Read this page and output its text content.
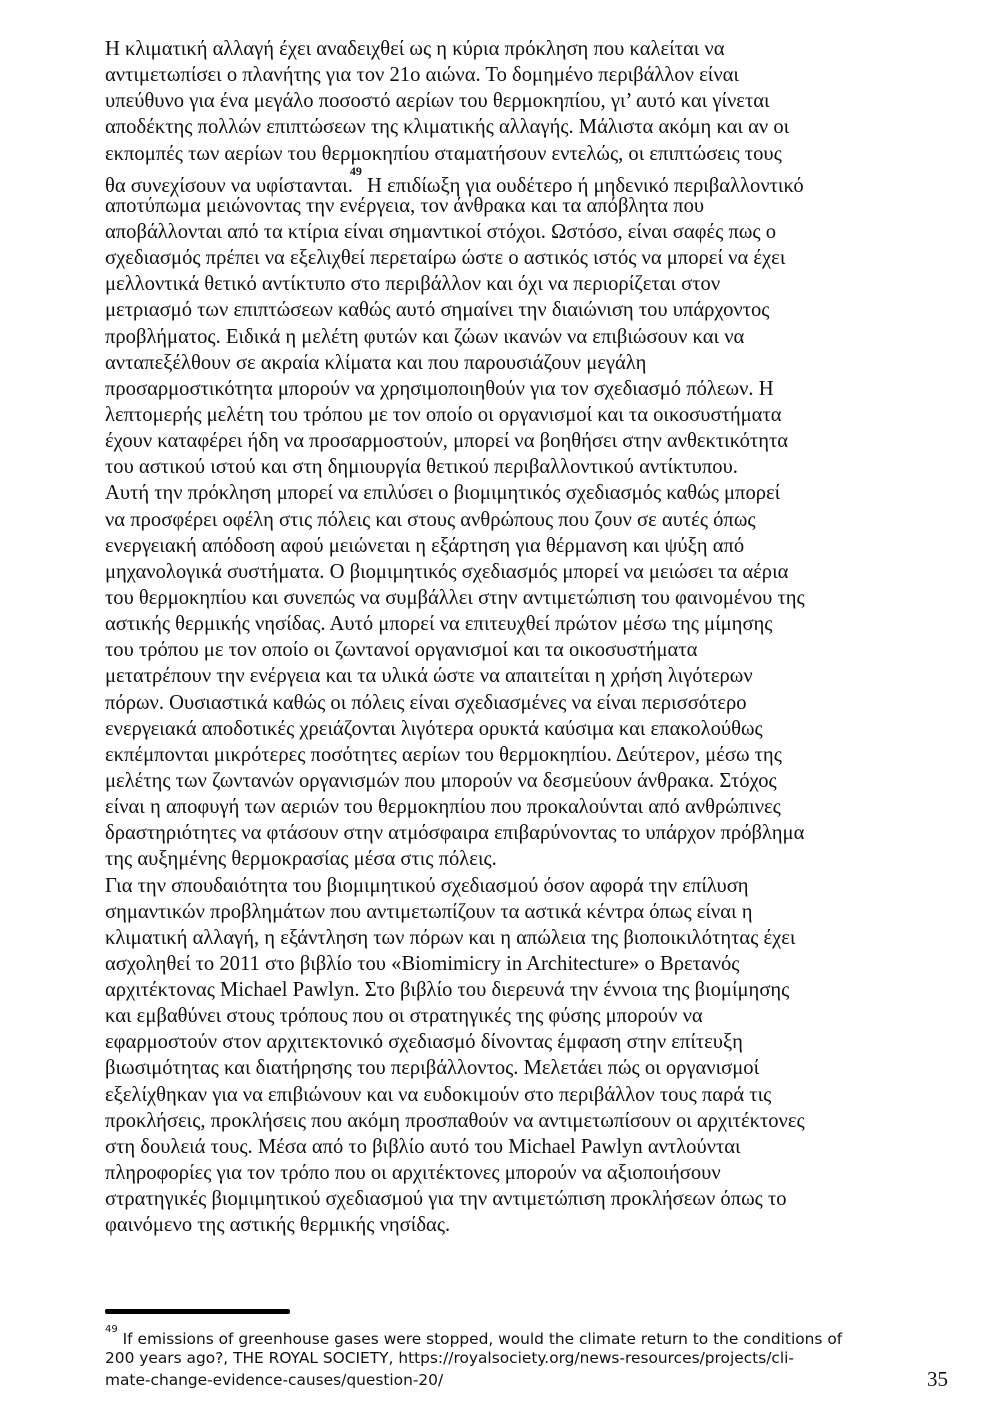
Η κλιματική αλλαγή έχει αναδειχθεί ως η κύρια πρόκληση που καλείται να
αντιμετωπίσει ο πλανήτης για τον 21ο αιώνα. Το δομημένο περιβάλλον είναι
υπεύθυνο για ένα μεγάλο ποσοστό αερίων του θερμοκηπίου, γι’ αυτό και γίνεται
αποδέκτης πολλών επιπτώσεων της κλιματικής αλλαγής. Μάλιστα ακόμη και αν οι
εκπομπές των αερίων του θερμοκηπίου σταματήσουν εντελώς, οι επιπτώσεις τους
θα συνεχίσουν να υφίστανται.$^{49}$ Η επιδίωξη για ουδέτερο ή μηδενικό περιβαλλοντικό
αποτύπωμα μειώνοντας την ενέργεια, τον άνθρακα και τα απόβλητα που
αποβάλλονται από τα κτίρια είναι σημαντικοί στόχοι. Ωστόσο, είναι σαφές πως ο
σχεδιασμός πρέπει να εξελιχθεί περεταίρω ώστε ο αστικός ιστός να μπορεί να έχει
μελλοντικά θετικό αντίκτυπο στο περιβάλλον και όχι να περιορίζεται στον
μετριασμό των επιπτώσεων καθώς αυτό σημαίνει την διαιώνιση του υπάρχοντος
προβλήματος. Ειδικά η μελέτη φυτών και ζώων ικανών να επιβιώσουν και να
ανταπεξέλθουν σε ακραία κλίματα και που παρουσιάζουν μεγάλη
προσαρμοστικότητα μπορούν να χρησιμοποιηθούν για τον σχεδιασμό πόλεων. Η
λεπτομερής μελέτη του τρόπου με τον οποίο οι οργανισμοί και τα οικοσυστήματα
έχουν καταφέρει ήδη να προσαρμοστούν, μπορεί να βοηθήσει στην ανθεκτικότητα
του αστικού ιστού και στη δημιουργία θετικού περιβαλλοντικού αντίκτυπου.
Αυτή την πρόκληση μπορεί να επιλύσει ο βιομιμητικός σχεδιασμός καθώς μπορεί
να προσφέρει οφέλη στις πόλεις και στους ανθρώπους που ζουν σε αυτές όπως
ενεργειακή απόδοση αφού μειώνεται η εξάρτηση για θέρμανση και ψύξη από
μηχανολογικά συστήματα. Ο βιομιμητικός σχεδιασμός μπορεί να μειώσει τα αέρια
του θερμοκηπίου και συνεπώς να συμβάλλει στην αντιμετώπιση του φαινομένου της
αστικής θερμικής νησίδας. Αυτό μπορεί να επιτευχθεί πρώτον μέσω της μίμησης
του τρόπου με τον οποίο οι ζωντανοί οργανισμοί και τα οικοσυστήματα
μετατρέπουν την ενέργεια και τα υλικά ώστε να απαιτείται η χρήση λιγότερων
πόρων. Ουσιαστικά καθώς οι πόλεις είναι σχεδιασμένες να είναι περισσότερο
ενεργειακά αποδοτικές χρειάζονται λιγότερα ορυκτά καύσιμα και επακολούθως
εκπέμπονται μικρότερες ποσότητες αερίων του θερμοκηπίου. Δεύτερον, μέσω της
μελέτης των ζωντανών οργανισμών που μπορούν να δεσμεύουν άνθρακα. Στόχος
είναι η αποφυγή των αεριών του θερμοκηπίου που προκαλούνται από ανθρώπινες
δραστηριότητες να φτάσουν στην ατμόσφαιρα επιβαρύνοντας το υπάρχον πρόβλημα
της αυξημένης θερμοκρασίας μέσα στις πόλεις.
Για την σπουδαιότητα του βιομιμητικού σχεδιασμού όσον αφορά την επίλυση
σημαντικών προβλημάτων που αντιμετωπίζουν τα αστικά κέντρα όπως είναι η
κλιματική αλλαγή, η εξάντληση των πόρων και η απώλεια της βιοποικιλότητας έχει
ασχοληθεί το 2011 στο βιβλίο του «Biomimicry in Architecture» ο Βρετανός
αρχιτέκτονας Michael Pawlyn. Στο βιβλίο του διερευνά την έννοια της βιομίμησης
και εμβαθύνει στους τρόπους που οι στρατηγικές της φύσης μπορούν να
εφαρμοστούν στον αρχιτεκτονικό σχεδιασμό δίνοντας έμφαση στην επίτευξη
βιωσιμότητας και διατήρησης του περιβάλλοντος. Μελετάει πώς οι οργανισμοί
εξελίχθηκαν για να επιβιώνουν και να ευδοκιμούν στο περιβάλλον τους παρά τις
προκλήσεις, προκλήσεις που ακόμη προσπαθούν να αντιμετωπίσουν οι αρχιτέκτονες
στη δουλειά τους. Μέσα από το βιβλίο αυτό του Michael Pawlyn αντλούνται
πληροφορίες για τον τρόπο που οι αρχιτέκτονες μπορούν να αξιοποιήσουν
στρατηγικές βιομιμητικού σχεδιασμού για την αντιμετώπιση προκλήσεων όπως το
φαινόμενο της αστικής θερμικής νησίδας.
$^{49}$ If emissions of greenhouse gases were stopped, would the climate return to the conditions of
200 years ago?, THE ROYAL SOCIETY, https://royalsociety.org/news-resources/projects/cli-
mate-change-evidence-causes/question-20/	35
